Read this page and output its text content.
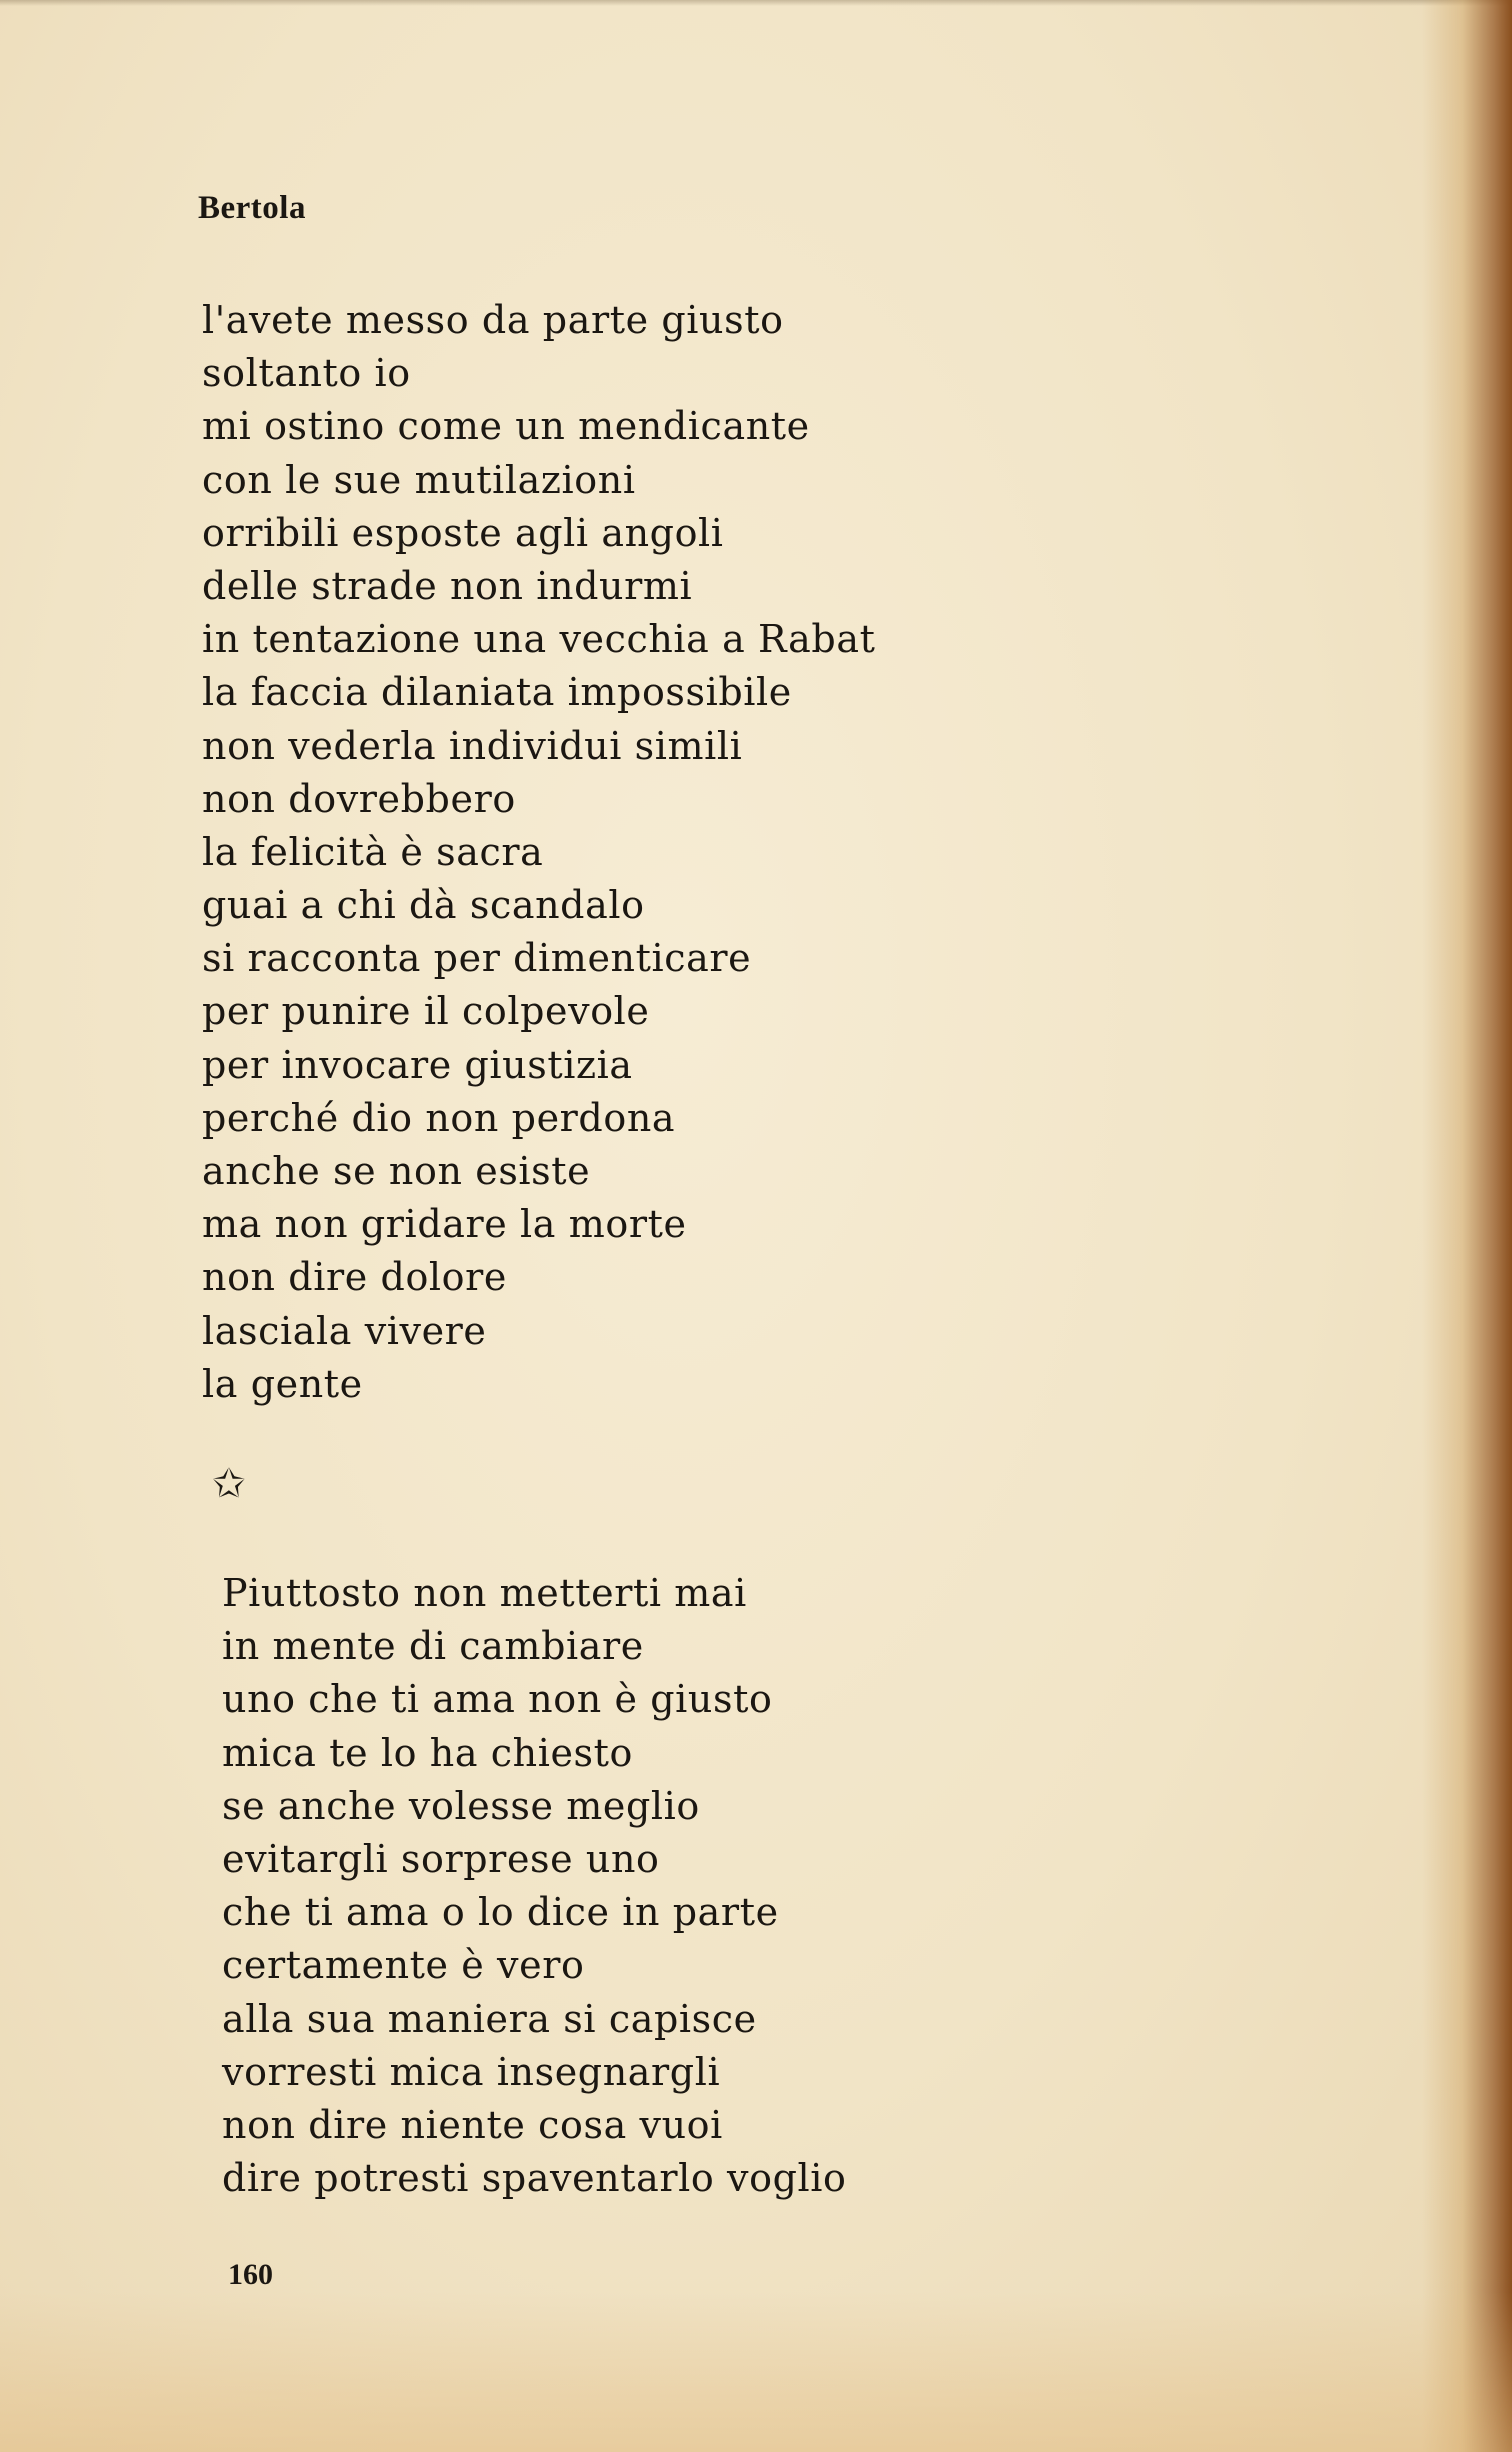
Bertola
l'avete messo da parte giusto
soltanto io
mi ostino come un mendicante
con le sue mutilazioni
orribili esposte agli angoli
delle strade non indurmi
in tentazione una vecchia a Rabat
la faccia dilaniata impossibile
non vederla individui simili
non dovrebbero
la felicità è sacra
guai a chi dà scandalo
si racconta per dimenticare
per punire il colpevole
per invocare giustizia
perché dio non perdona
anche se non esiste
ma non gridare la morte
non dire dolore
lasciala vivere
la gente
✩
Piuttosto non metterti mai
in mente di cambiare
uno che ti ama non è giusto
mica te lo ha chiesto
se anche volesse meglio
evitargli sorprese uno
che ti ama o lo dice in parte
certamente è vero
alla sua maniera si capisce
vorresti mica insegnargli
non dire niente cosa vuoi
dire potresti spaventarlo voglio
160
